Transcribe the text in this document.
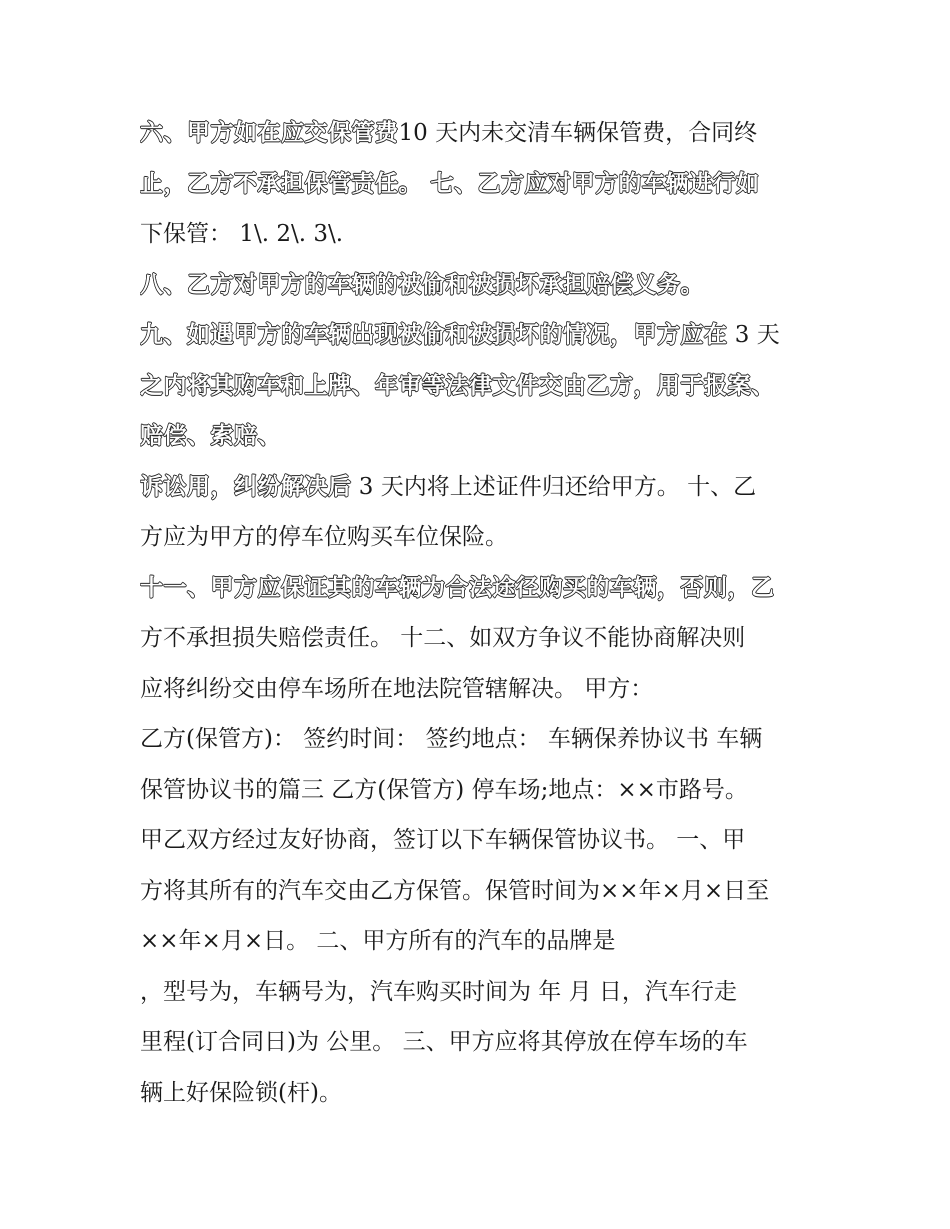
六、甲方如在应交保管费10 天内未交清车辆保管费，合同终
止，乙方不承担保管责任。 七、乙方应对甲方的车辆进行如
下保管： 1\. 2\. 3\.
八、乙方对甲方的车辆的被偷和被损坏承担赔偿义务。
九、如遇甲方的车辆出现被偷和被损坏的情况，甲方应在 3 天
之内将其购车和上牌、年审等法律文件交由乙方，用于报案、
赔偿、索赔、
诉讼用，纠纷解决后 3 天内将上述证件归还给甲方。 十、乙
方应为甲方的停车位购买车位保险。
十一、甲方应保证其的车辆为合法途径购买的车辆，否则，乙
方不承担损失赔偿责任。 十二、如双方争议不能协商解决则
应将纠纷交由停车场所在地法院管辖解决。 甲方：
乙方(保管方)： 签约时间： 签约地点： 车辆保养协议书 车辆
保管协议书的篇三 乙方(保管方) 停车场;地点：××市路号。
甲乙双方经过友好协商，签订以下车辆保管协议书。 一、甲
方将其所有的汽车交由乙方保管。保管时间为××年×月×日至
××年×月×日。 二、甲方所有的汽车的品牌是
，型号为，车辆号为，汽车购买时间为 年 月 日，汽车行走
里程(订合同日)为 公里。 三、甲方应将其停放在停车场的车
辆上好保险锁(杆)。
